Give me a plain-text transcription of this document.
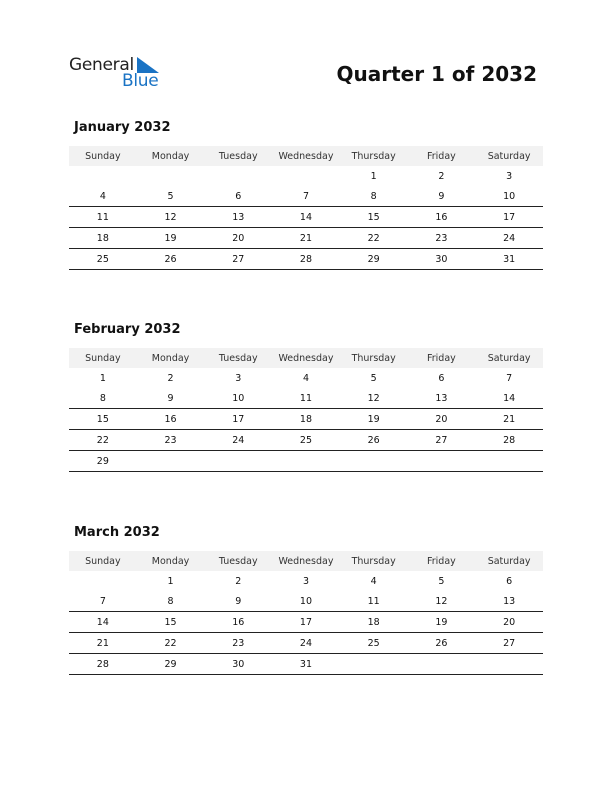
General
Blue	Quarter 1 of 2032
January 2032
Sunday	Monday	Tuesday	Wednesday	Thursday	Friday	Saturday
				1	2	3
4	5	6	7	8	9	10
11	12	13	14	15	16	17
18	19	20	21	22	23	24
25	26	27	28	29	30	31
February 2032
Sunday	Monday	Tuesday	Wednesday	Thursday	Friday	Saturday
1	2	3	4	5	6	7
8	9	10	11	12	13	14
15	16	17	18	19	20	21
22	23	24	25	26	27	28
29						
March 2032
Sunday	Monday	Tuesday	Wednesday	Thursday	Friday	Saturday
	1	2	3	4	5	6
7	8	9	10	11	12	13
14	15	16	17	18	19	20
21	22	23	24	25	26	27
28	29	30	31			
